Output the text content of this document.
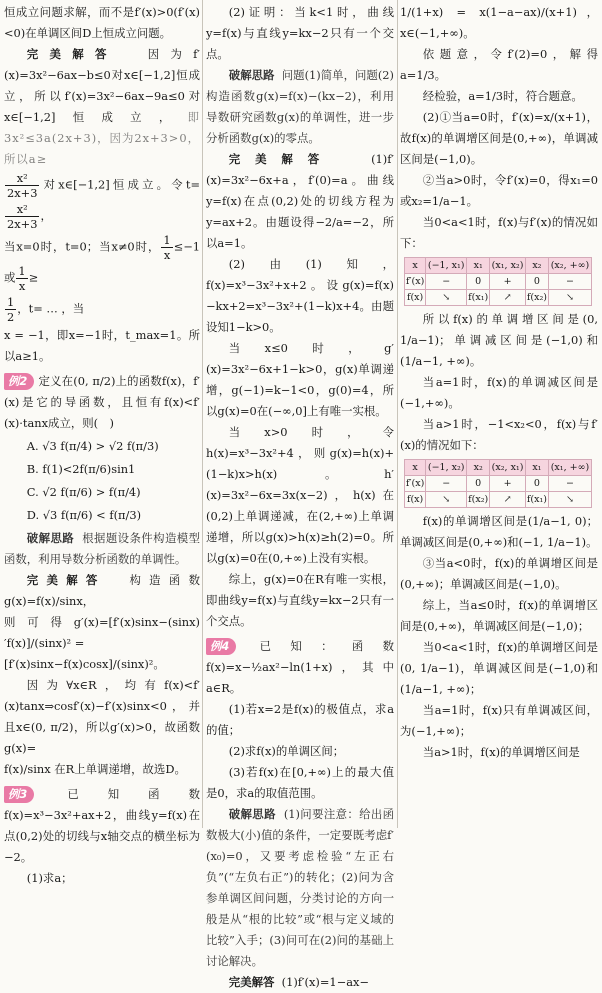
恒成立问题求解，而不是f′(x)>0(f′(x)<0)在单调区间D上恒成立问题。

完美解答	因为f′(x)=3x²−6ax−b≤0对x∈[−1,2]恒成立，所以f′(x)=3x²−6ax−9a≤0对x∈[−1,2]恒成立，即3x²≤3a(2x+3)，因为2x+3>0，所以a≥

$\frac{\text{x²}}{2x+3}$ 对x∈[−1,2]恒成立。令t=
$\frac{\text{x²}}{2x+3}$ ，

当x=0时，t=0；当x≠0时， $\frac{1}{x} \le-1$或 $\frac{1}{x}$ ≥

$\frac{1}{2}$ ，t= … ，当

x = −1，即x=−1时，t_max=1。所以a≥1。

例2 定义在(0, π/2)上的函数f(x)，f′(x)是它的导函数，且恒有f(x)<f′(x)·tanx成立，则(　)

A. √3 f(π/4) > √2 f(π/3)

B. f(1)<2f(π/6)sin1

C. √2 f(π/6) > f(π/4)

D. √3 f(π/6) < f(π/3)

破解思路 根据题设条件构造模型函数，利用导数分析函数的单调性。

完美解答 构造函数g(x)=f(x)/sinx，

则可得g′(x)=[f′(x)sinx−(sinx)′f(x)]/(sinx)² =

[f′(x)sinx−f(x)cosx]/(sinx)²。

因为∀x∈R，均有f(x)<f′(x)tanx⇒cosf′(x)−f′(x)sinx<0，并且x∈(0, π/2)，所以g′(x)>0，故函数g(x)=

f(x)/sinx 在R上单调递增，故选D。

例3 已知函数f(x)=x³−3x²+ax+2，曲线y=f(x)在点(0,2)处的切线与x轴交点的横坐标为−2。

(1)求a；

(2)证明：当k<1时，曲线y=f(x)与直线y=kx−2只有一个交点。

破解思路 问题(1)简单，问题(2)构造函数g(x)=f(x)−(kx−2)，利用导数研究函数g(x)的单调性，进一步分析函数g(x)的零点。

完美解答	(1)f′(x)=3x²−6x+a，f′(0)=a。曲线y=f(x)在点(0,2)处的切线方程为y=ax+2。由题设得−2/a=−2，所以a=1。

(2)由(1)知，f(x)=x³−3x²+x+2。设g(x)=f(x)−kx+2=x³−3x²+(1−k)x+4。由题设知1−k>0。

当x≤0时，g′(x)=3x²−6x+1−k>0，g(x)单调递增，g(−1)=k−1<0，g(0)=4，所以g(x)=0在(−∞,0]上有唯一实根。

当x>0时，令h(x)=x³−3x²+4，则g(x)=h(x)+(1−k)x>h(x)。h′(x)=3x²−6x=3x(x−2)，h(x)在(0,2)上单调递减，在(2,+∞)上单调递增，所以g(x)>h(x)≥h(2)=0。所以g(x)=0在(0,+∞)上没有实根。

综上，g(x)=0在R有唯一实根，即曲线y=f(x)与直线y=kx−2只有一个交点。

例4 已知：函数f(x)=x−½ax²−ln(1+x)，其中a∈R。

(1)若x=2是f(x)的极值点，求a的值；

(2)求f(x)的单调区间；

(3)若f(x)在[0,+∞)上的最大值是0，求a的取值范围。

破解思路 (1)问要注意：给出函数极大(小)值的条件，一定要既考虑f′(x₀)=0，又要考虑检验“左正右负”(“左负右正”)的转化；(2)问为含参单调区间问题，分类讨论的方向一般是从“根的比较”或“根与定义域的比较”入手；(3)问可在(2)问的基础上讨论解决。

完美解答 (1)f′(x)=1−ax−

1/(1+x) = x(1−a−ax)/(x+1)，x∈(−1,+∞)。

依题意，令f′(2)=0，解得a=1/3。

经检验，a=1/3时，符合题意。

(2)①当a=0时，f′(x)=x/(x+1)，故f(x)的单调增区间是(0,+∞)，单调减区间是(−1,0)。

②当a>0时，令f′(x)=0，得x₁=0或x₂=1/a−1。

当0<a<1时，f(x)与f′(x)的情况如下：

x	(−1, x₁)	x₁	(x₁, x₂)	x₂	(x₂, +∞)
f′(x)	−	0	+	0	−
f(x)	↘	f(x₁)	↗	f(x₂)	↘

所以f(x)的单调增区间是(0, 1/a−1)；单调减区间是(−1,0)和(1/a−1, +∞)。

当a=1时，f(x)的单调减区间是(−1,+∞)。

当a>1时，−1<x₂<0，f(x)与f′(x)的情况如下：

x	(−1, x₂)	x₂	(x₂, x₁)	x₁	(x₁, +∞)
f′(x)	−	0	+	0	−
f(x)	↘	f(x₂)	↗	f(x₁)	↘

f(x)的单调增区间是(1/a−1, 0)；单调减区间是(0,+∞)和(−1, 1/a−1)。

③当a<0时，f(x)的单调增区间是(0,+∞)；单调减区间是(−1,0)。

综上，当a≤0时，f(x)的单调增区间是(0,+∞)，单调减区间是(−1,0)；

当0<a<1时，f(x)的单调增区间是(0, 1/a−1)，单调减区间是(−1,0)和(1/a−1, +∞)；

当a=1时，f(x)只有单调减区间，为(−1,+∞)；

当a>1时，f(x)的单调增区间是
